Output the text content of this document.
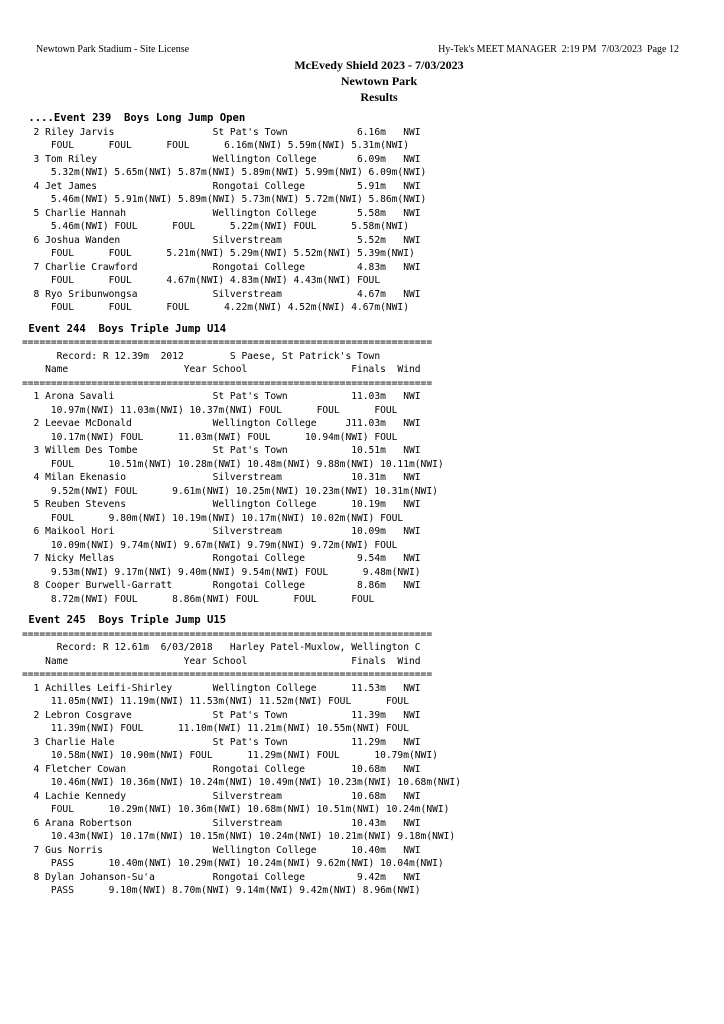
Newtown Park Stadium - Site License	Hy-Tek's MEET MANAGER  2:19 PM  7/03/2023  Page 12
McEvedy Shield 2023 - 7/03/2023
Newtown Park
Results
....Event 239  Boys Long Jump Open
2 Riley Jarvis                 St Pat's Town            6.16m   NWI
FOUL      FOUL      FOUL      6.16m(NWI) 5.59m(NWI) 5.31m(NWI)
3 Tom Riley                    Wellington College       6.09m   NWI
5.32m(NWI) 5.65m(NWI) 5.87m(NWI) 5.89m(NWI) 5.99m(NWI) 6.09m(NWI)
4 Jet James                    Rongotai College         5.91m   NWI
5.46m(NWI) 5.91m(NWI) 5.89m(NWI) 5.73m(NWI) 5.72m(NWI) 5.86m(NWI)
5 Charlie Hannah               Wellington College       5.58m   NWI
5.46m(NWI) FOUL      FOUL      5.22m(NWI) FOUL      5.58m(NWI)
6 Joshua Wanden                Silverstream             5.52m   NWI
FOUL      FOUL      5.21m(NWI) 5.29m(NWI) 5.52m(NWI) 5.39m(NWI)
7 Charlie Crawford             Rongotai College         4.83m   NWI
FOUL      FOUL      4.67m(NWI) 4.83m(NWI) 4.43m(NWI) FOUL
8 Ryo Sribunwongsa             Silverstream             4.67m   NWI
FOUL      FOUL      FOUL      4.22m(NWI) 4.52m(NWI) 4.67m(NWI)
Event 244  Boys Triple Jump U14
=======================================================================
Record: R 12.39m  2012        S Paese, St Patrick's Town
Name                    Year School                  Finals  Wind
=======================================================================
1 Arona Savali                 St Pat's Town           11.03m   NWI
10.97m(NWI) 11.03m(NWI) 10.37m(NWI) FOUL      FOUL      FOUL
2 Leevae McDonald              Wellington College     J11.03m   NWI
10.17m(NWI) FOUL      11.03m(NWI) FOUL      10.94m(NWI) FOUL
3 Willem Des Tombe             St Pat's Town           10.51m   NWI
FOUL      10.51m(NWI) 10.28m(NWI) 10.48m(NWI) 9.88m(NWI) 10.11m(NWI)
4 Milan Ekenasio               Silverstream            10.31m   NWI
9.52m(NWI) FOUL      9.61m(NWI) 10.25m(NWI) 10.23m(NWI) 10.31m(NWI)
5 Reuben Stevens               Wellington College      10.19m   NWI
FOUL      9.80m(NWI) 10.19m(NWI) 10.17m(NWI) 10.02m(NWI) FOUL
6 Maikool Hori                 Silverstream            10.09m   NWI
10.09m(NWI) 9.74m(NWI) 9.67m(NWI) 9.79m(NWI) 9.72m(NWI) FOUL
7 Nicky Mellas                 Rongotai College         9.54m   NWI
9.53m(NWI) 9.17m(NWI) 9.40m(NWI) 9.54m(NWI) FOUL      9.48m(NWI)
8 Cooper Burwell-Garratt       Rongotai College         8.86m   NWI
8.72m(NWI) FOUL      8.86m(NWI) FOUL      FOUL      FOUL
Event 245  Boys Triple Jump U15
=======================================================================
Record: R 12.61m  6/03/2018   Harley Patel-Muxlow, Wellington C
Name                    Year School                  Finals  Wind
=======================================================================
1 Achilles Leifi-Shirley       Wellington College      11.53m   NWI
11.05m(NWI) 11.19m(NWI) 11.53m(NWI) 11.52m(NWI) FOUL      FOUL
2 Lebron Cosgrave              St Pat's Town           11.39m   NWI
11.39m(NWI) FOUL      11.10m(NWI) 11.21m(NWI) 10.55m(NWI) FOUL
3 Charlie Hale                 St Pat's Town           11.29m   NWI
10.58m(NWI) 10.90m(NWI) FOUL      11.29m(NWI) FOUL      10.79m(NWI)
4 Fletcher Cowan               Rongotai College        10.68m   NWI
10.46m(NWI) 10.36m(NWI) 10.24m(NWI) 10.49m(NWI) 10.23m(NWI) 10.68m(NWI)
4 Lachie Kennedy               Silverstream            10.68m   NWI
FOUL      10.29m(NWI) 10.36m(NWI) 10.68m(NWI) 10.51m(NWI) 10.24m(NWI)
6 Arana Robertson              Silverstream            10.43m   NWI
10.43m(NWI) 10.17m(NWI) 10.15m(NWI) 10.24m(NWI) 10.21m(NWI) 9.18m(NWI)
7 Gus Norris                   Wellington College      10.40m   NWI
PASS      10.40m(NWI) 10.29m(NWI) 10.24m(NWI) 9.62m(NWI) 10.04m(NWI)
8 Dylan Johanson-Su'a          Rongotai College         9.42m   NWI
PASS      9.10m(NWI) 8.70m(NWI) 9.14m(NWI) 9.42m(NWI) 8.96m(NWI)
